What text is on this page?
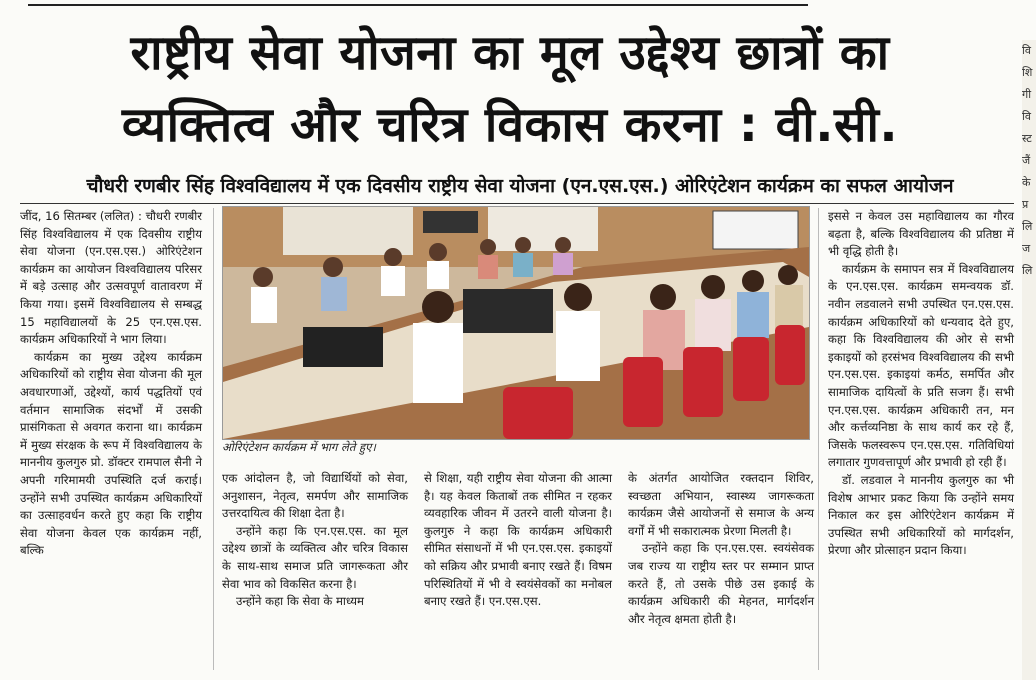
राष्ट्रीय सेवा योजना का मूल उद्देश्य छात्रों का
व्यक्तित्व और चरित्र विकास करना : वी.सी.
चौधरी रणबीर सिंह विश्वविद्यालय में एक दिवसीय राष्ट्रीय सेवा योजना (एन.एस.एस.) ओरिएंटेशन कार्यक्रम का सफल आयोजन

जींद, 16 सितम्बर (ललित) : चौधरी रणबीर सिंह विश्वविद्यालय में एक दिवसीय राष्ट्रीय सेवा योजना (एन.एस.एस.) ओरिएंटेशन कार्यक्रम का आयोजन विश्वविद्यालय परिसर में बड़े उत्साह और उत्सवपूर्ण वातावरण में किया गया। इसमें विश्वविद्यालय से सम्बद्ध 15 महाविद्यालयों के 25 एन.एस.एस. कार्यक्रम अधिकारियों ने भाग लिया।

कार्यक्रम का मुख्य उद्देश्य कार्यक्रम अधिकारियों को राष्ट्रीय सेवा योजना की मूल अवधारणाओं, उद्देश्यों, कार्य पद्धतियों एवं वर्तमान सामाजिक संदर्भों में उसकी प्रासंगिकता से अवगत कराना था। कार्यक्रम में मुख्य संरक्षक के रूप में विश्वविद्यालय के माननीय कुलगुरु प्रो. डॉक्टर रामपाल सैनी ने अपनी गरिमामयी उपस्थिति दर्ज कराई। उन्होंने सभी उपस्थित कार्यक्रम अधिकारियों का उत्साहवर्धन करते हुए कहा कि राष्ट्रीय सेवा योजना केवल एक कार्यक्रम नहीं, बल्कि

ओरिएंटेशन कार्यक्रम में भाग लेते हुए।

एक आंदोलन है, जो विद्यार्थियों को सेवा, अनुशासन, नेतृत्व, समर्पण और सामाजिक उत्तरदायित्व की शिक्षा देता है।

उन्होंने कहा कि एन.एस.एस. का मूल उद्देश्य छात्रों के व्यक्तित्व और चरित्र विकास के साथ-साथ समाज प्रति जागरूकता और सेवा भाव को विकसित करना है।

उन्होंने कहा कि सेवा के माध्यम

से शिक्षा, यही राष्ट्रीय सेवा योजना की आत्मा है। यह केवल किताबों तक सीमित न रहकर व्यवहारिक जीवन में उतरने वाली योजना है। कुलगुरु ने कहा कि कार्यक्रम अधिकारी सीमित संसाधनों में भी एन.एस.एस. इकाइयों को सक्रिय और प्रभावी बनाए रखते हैं। विषम परिस्थितियों में भी वे स्वयंसेवकों का मनोबल बनाए रखते हैं। एन.एस.एस.

के अंतर्गत आयोजित रक्तदान शिविर, स्वच्छता अभियान, स्वास्थ्य जागरूकता कार्यक्रम जैसे आयोजनों से समाज के अन्य वर्गों में भी सकारात्मक प्रेरणा मिलती है।

उन्होंने कहा कि एन.एस.एस. स्वयंसेवक जब राज्य या राष्ट्रीय स्तर पर सम्मान प्राप्त करते हैं, तो उसके पीछे उस इकाई के कार्यक्रम अधिकारी की मेहनत, मार्गदर्शन और नेतृत्व क्षमता होती है।

इससे न केवल उस महाविद्यालय का गौरव बढ़ता है, बल्कि विश्वविद्यालय की प्रतिष्ठा में भी वृद्धि होती है।

कार्यक्रम के समापन सत्र में विश्वविद्यालय के एन.एस.एस. कार्यक्रम समन्वयक डॉ. नवीन लडवालने सभी उपस्थित एन.एस.एस. कार्यक्रम अधिकारियों को धन्यवाद देते हुए, कहा कि विश्वविद्यालय की ओर से सभी इकाइयों को हरसंभव विश्वविद्यालय की सभी एन.एस.एस. इकाइयां कर्मठ, समर्पित और सामाजिक दायित्वों के प्रति सजग हैं। सभी एन.एस.एस. कार्यक्रम अधिकारी तन, मन और कर्त्तव्यनिष्ठा के साथ कार्य कर रहे हैं, जिसके फलस्वरूप एन.एस.एस. गतिविधियां लगातार गुणवत्तापूर्ण और प्रभावी हो रही हैं।

डॉ. लडवाल ने माननीय कुलगुरु का भी विशेष आभार प्रकट किया कि उन्होंने समय निकाल कर इस ओरिएंटेशन कार्यक्रम में उपस्थित सभी अधिकारियों को मार्गदर्शन, प्रेरणा और प्रोत्साहन प्रदान किया।

वि
शि
गी
वि
स्ट
जैं
के
प्र
लि
ज
लि
